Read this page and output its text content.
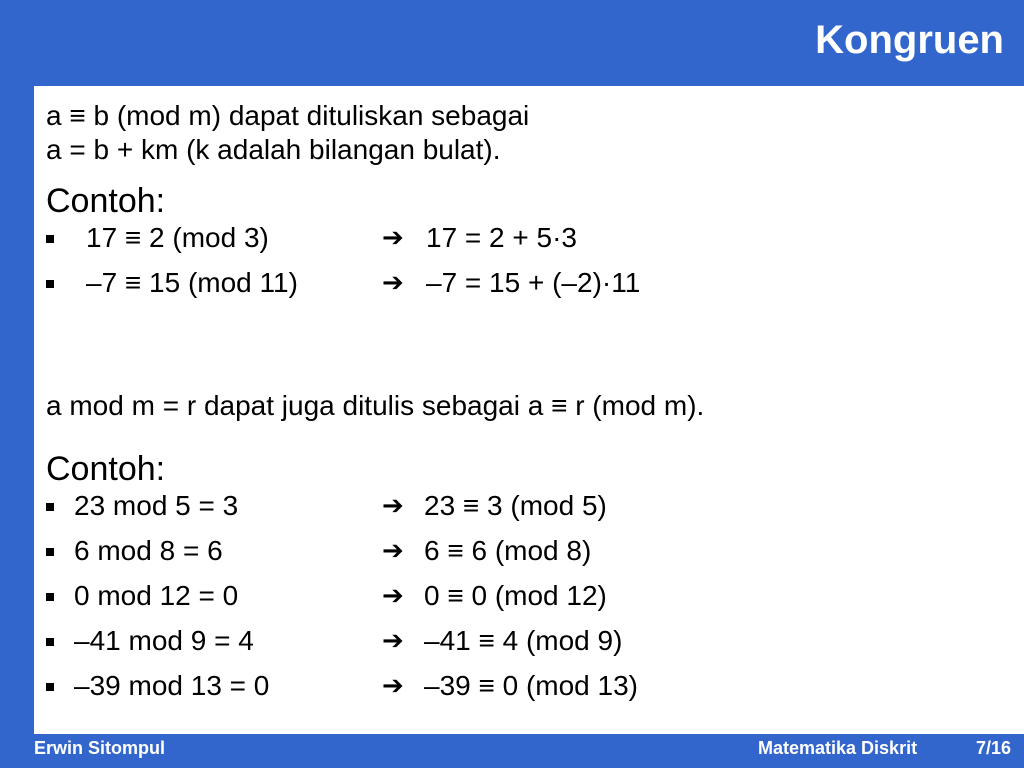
Kongruen
a ≡ b (mod m) dapat dituliskan sebagai
a = b + km (k adalah bilangan bulat).
Contoh:
17 ≡ 2 (mod 3)	➔ 17 = 2 + 5·3
–7 ≡ 15 (mod 11)	➔ –7 = 15 + (–2)·11
a mod m = r dapat juga ditulis sebagai a ≡ r (mod m).
Contoh:
23 mod 5 = 3	➔ 23 ≡ 3 (mod 5)
6 mod 8 = 6	➔ 6 ≡ 6 (mod 8)
0 mod 12 = 0	➔ 0 ≡ 0 (mod 12)
–41 mod 9 = 4	➔ –41 ≡ 4 (mod 9)
–39 mod 13 = 0	➔ –39 ≡ 0 (mod 13)
Erwin Sitompul	Matematika Diskrit	7/16
